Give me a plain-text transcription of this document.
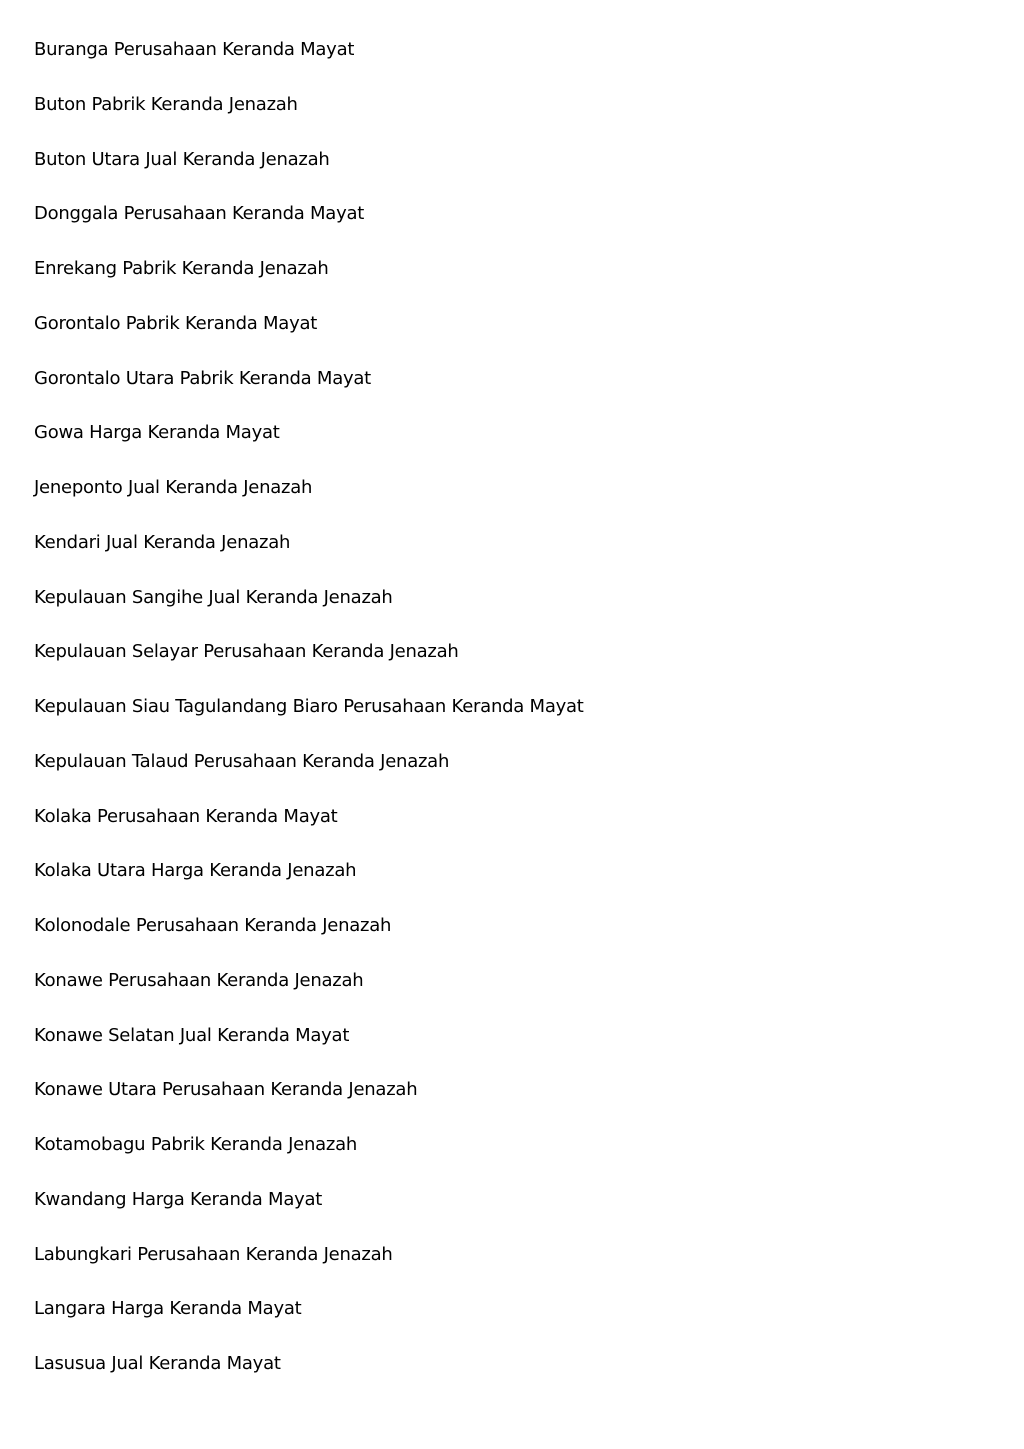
Buranga Perusahaan Keranda Mayat
Buton Pabrik Keranda Jenazah
Buton Utara Jual Keranda Jenazah
Donggala Perusahaan Keranda Mayat
Enrekang Pabrik Keranda Jenazah
Gorontalo Pabrik Keranda Mayat
Gorontalo Utara Pabrik Keranda Mayat
Gowa Harga Keranda Mayat
Jeneponto Jual Keranda Jenazah
Kendari Jual Keranda Jenazah
Kepulauan Sangihe Jual Keranda Jenazah
Kepulauan Selayar Perusahaan Keranda Jenazah
Kepulauan Siau Tagulandang Biaro Perusahaan Keranda Mayat
Kepulauan Talaud Perusahaan Keranda Jenazah
Kolaka Perusahaan Keranda Mayat
Kolaka Utara Harga Keranda Jenazah
Kolonodale Perusahaan Keranda Jenazah
Konawe Perusahaan Keranda Jenazah
Konawe Selatan Jual Keranda Mayat
Konawe Utara Perusahaan Keranda Jenazah
Kotamobagu Pabrik Keranda Jenazah
Kwandang Harga Keranda Mayat
Labungkari Perusahaan Keranda Jenazah
Langara Harga Keranda Mayat
Lasusua Jual Keranda Mayat
